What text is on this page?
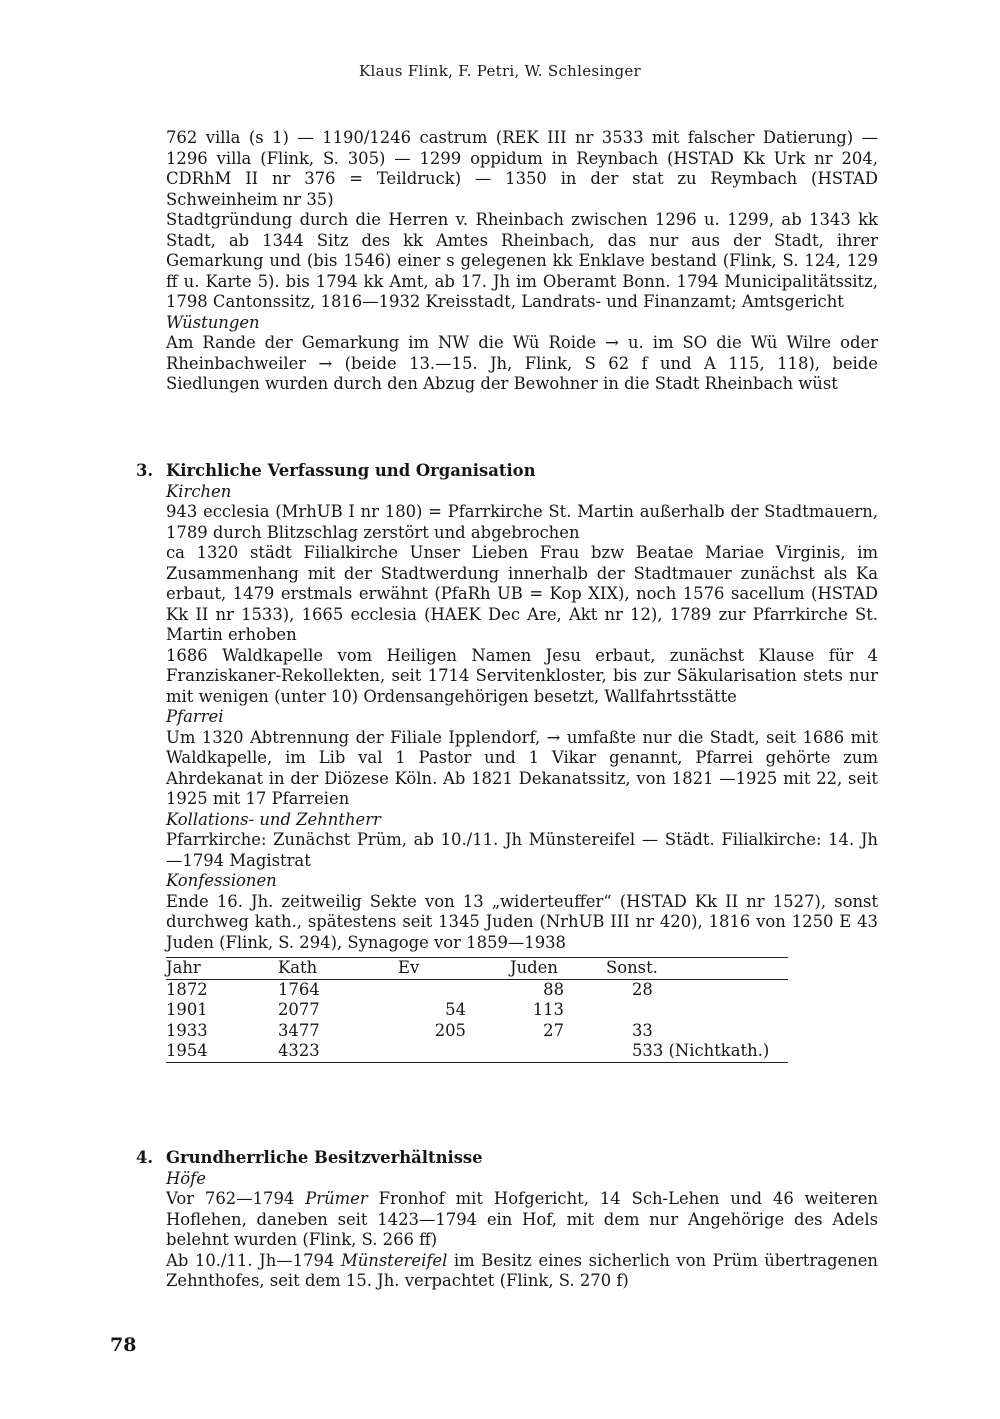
Klaus Flink, F. Petri, W. Schlesinger
762 villa (s 1) — 1190/1246 castrum (REK III nr 3533 mit falscher Datierung) — 1296 villa (Flink, S. 305) — 1299 oppidum in Reynbach (HSTAD Kk Urk nr 204, CDRhM II nr 376 = Teildruck) — 1350 in der stat zu Reymbach (HSTAD Schweinheim nr 35)
Stadtgründung durch die Herren v. Rheinbach zwischen 1296 u. 1299, ab 1343 kk Stadt, ab 1344 Sitz des kk Amtes Rheinbach, das nur aus der Stadt, ihrer Gemarkung und (bis 1546) einer s gelegenen kk Enklave bestand (Flink, S. 124, 129 ff u. Karte 5). bis 1794 kk Amt, ab 17. Jh im Oberamt Bonn. 1794 Municipalitätssitz, 1798 Cantonssitz, 1816—1932 Kreisstadt, Landrats- und Finanzamt; Amtsgericht
Wüstungen
Am Rande der Gemarkung im NW die Wü Roide → u. im SO die Wü Wilre oder Rheinbachweiler → (beide 13.—15. Jh, Flink, S 62 f und A 115, 118), beide Siedlungen wurden durch den Abzug der Bewohner in die Stadt Rheinbach wüst
3. Kirchliche Verfassung und Organisation
Kirchen
943 ecclesia (MrhUB I nr 180) = Pfarrkirche St. Martin außerhalb der Stadtmauern, 1789 durch Blitzschlag zerstört und abgebrochen
ca 1320 städt Filialkirche Unser Lieben Frau bzw Beatae Mariae Virginis, im Zusammenhang mit der Stadtwerdung innerhalb der Stadtmauer zunächst als Ka erbaut, 1479 erstmals erwähnt (PfaRh UB = Kop XIX), noch 1576 sacellum (HSTAD Kk II nr 1533), 1665 ecclesia (HAEK Dec Are, Akt nr 12), 1789 zur Pfarrkirche St. Martin erhoben
1686 Waldkapelle vom Heiligen Namen Jesu erbaut, zunächst Klause für 4 Franziskaner-Rekollekten, seit 1714 Servitenkloster, bis zur Säkularisation stets nur mit wenigen (unter 10) Ordensangehörigen besetzt, Wallfahrtsstätte
Pfarrei
Um 1320 Abtrennung der Filiale Ipplendorf, → umfaßte nur die Stadt, seit 1686 mit Waldkapelle, im Lib val 1 Pastor und 1 Vikar genannt, Pfarrei gehörte zum Ahrdekanat in der Diözese Köln. Ab 1821 Dekanatssitz, von 1821 —1925 mit 22, seit 1925 mit 17 Pfarreien
Kollations- und Zehntherr
Pfarrkirche: Zunächst Prüm, ab 10./11. Jh Münstereifel — Städt. Filialkirche: 14. Jh—1794 Magistrat
Konfessionen
Ende 16. Jh. zeitweilig Sekte von 13 „widerteuffer“ (HSTAD Kk II nr 1527), sonst durchweg kath., spätestens seit 1345 Juden (NrhUB III nr 420), 1816 von 1250 E 43 Juden (Flink, S. 294), Synagoge vor 1859—1938
Jahr	Kath	Ev	Juden	Sonst.
1872	1764		88	28
1901	2077	54	113	
1933	3477	205	27	33
1954	4323			533 (Nichtkath.)
4. Grundherrliche Besitzverhältnisse
Höfe
Vor 762—1794 Prümer Fronhof mit Hofgericht, 14 Sch-Lehen und 46 weiteren Hoflehen, daneben seit 1423—1794 ein Hof, mit dem nur Angehörige des Adels belehnt wurden (Flink, S. 266 ff)
Ab 10./11. Jh—1794 Münstereifel im Besitz eines sicherlich von Prüm übertragenen Zehnthofes, seit dem 15. Jh. verpachtet (Flink, S. 270 f)
78
